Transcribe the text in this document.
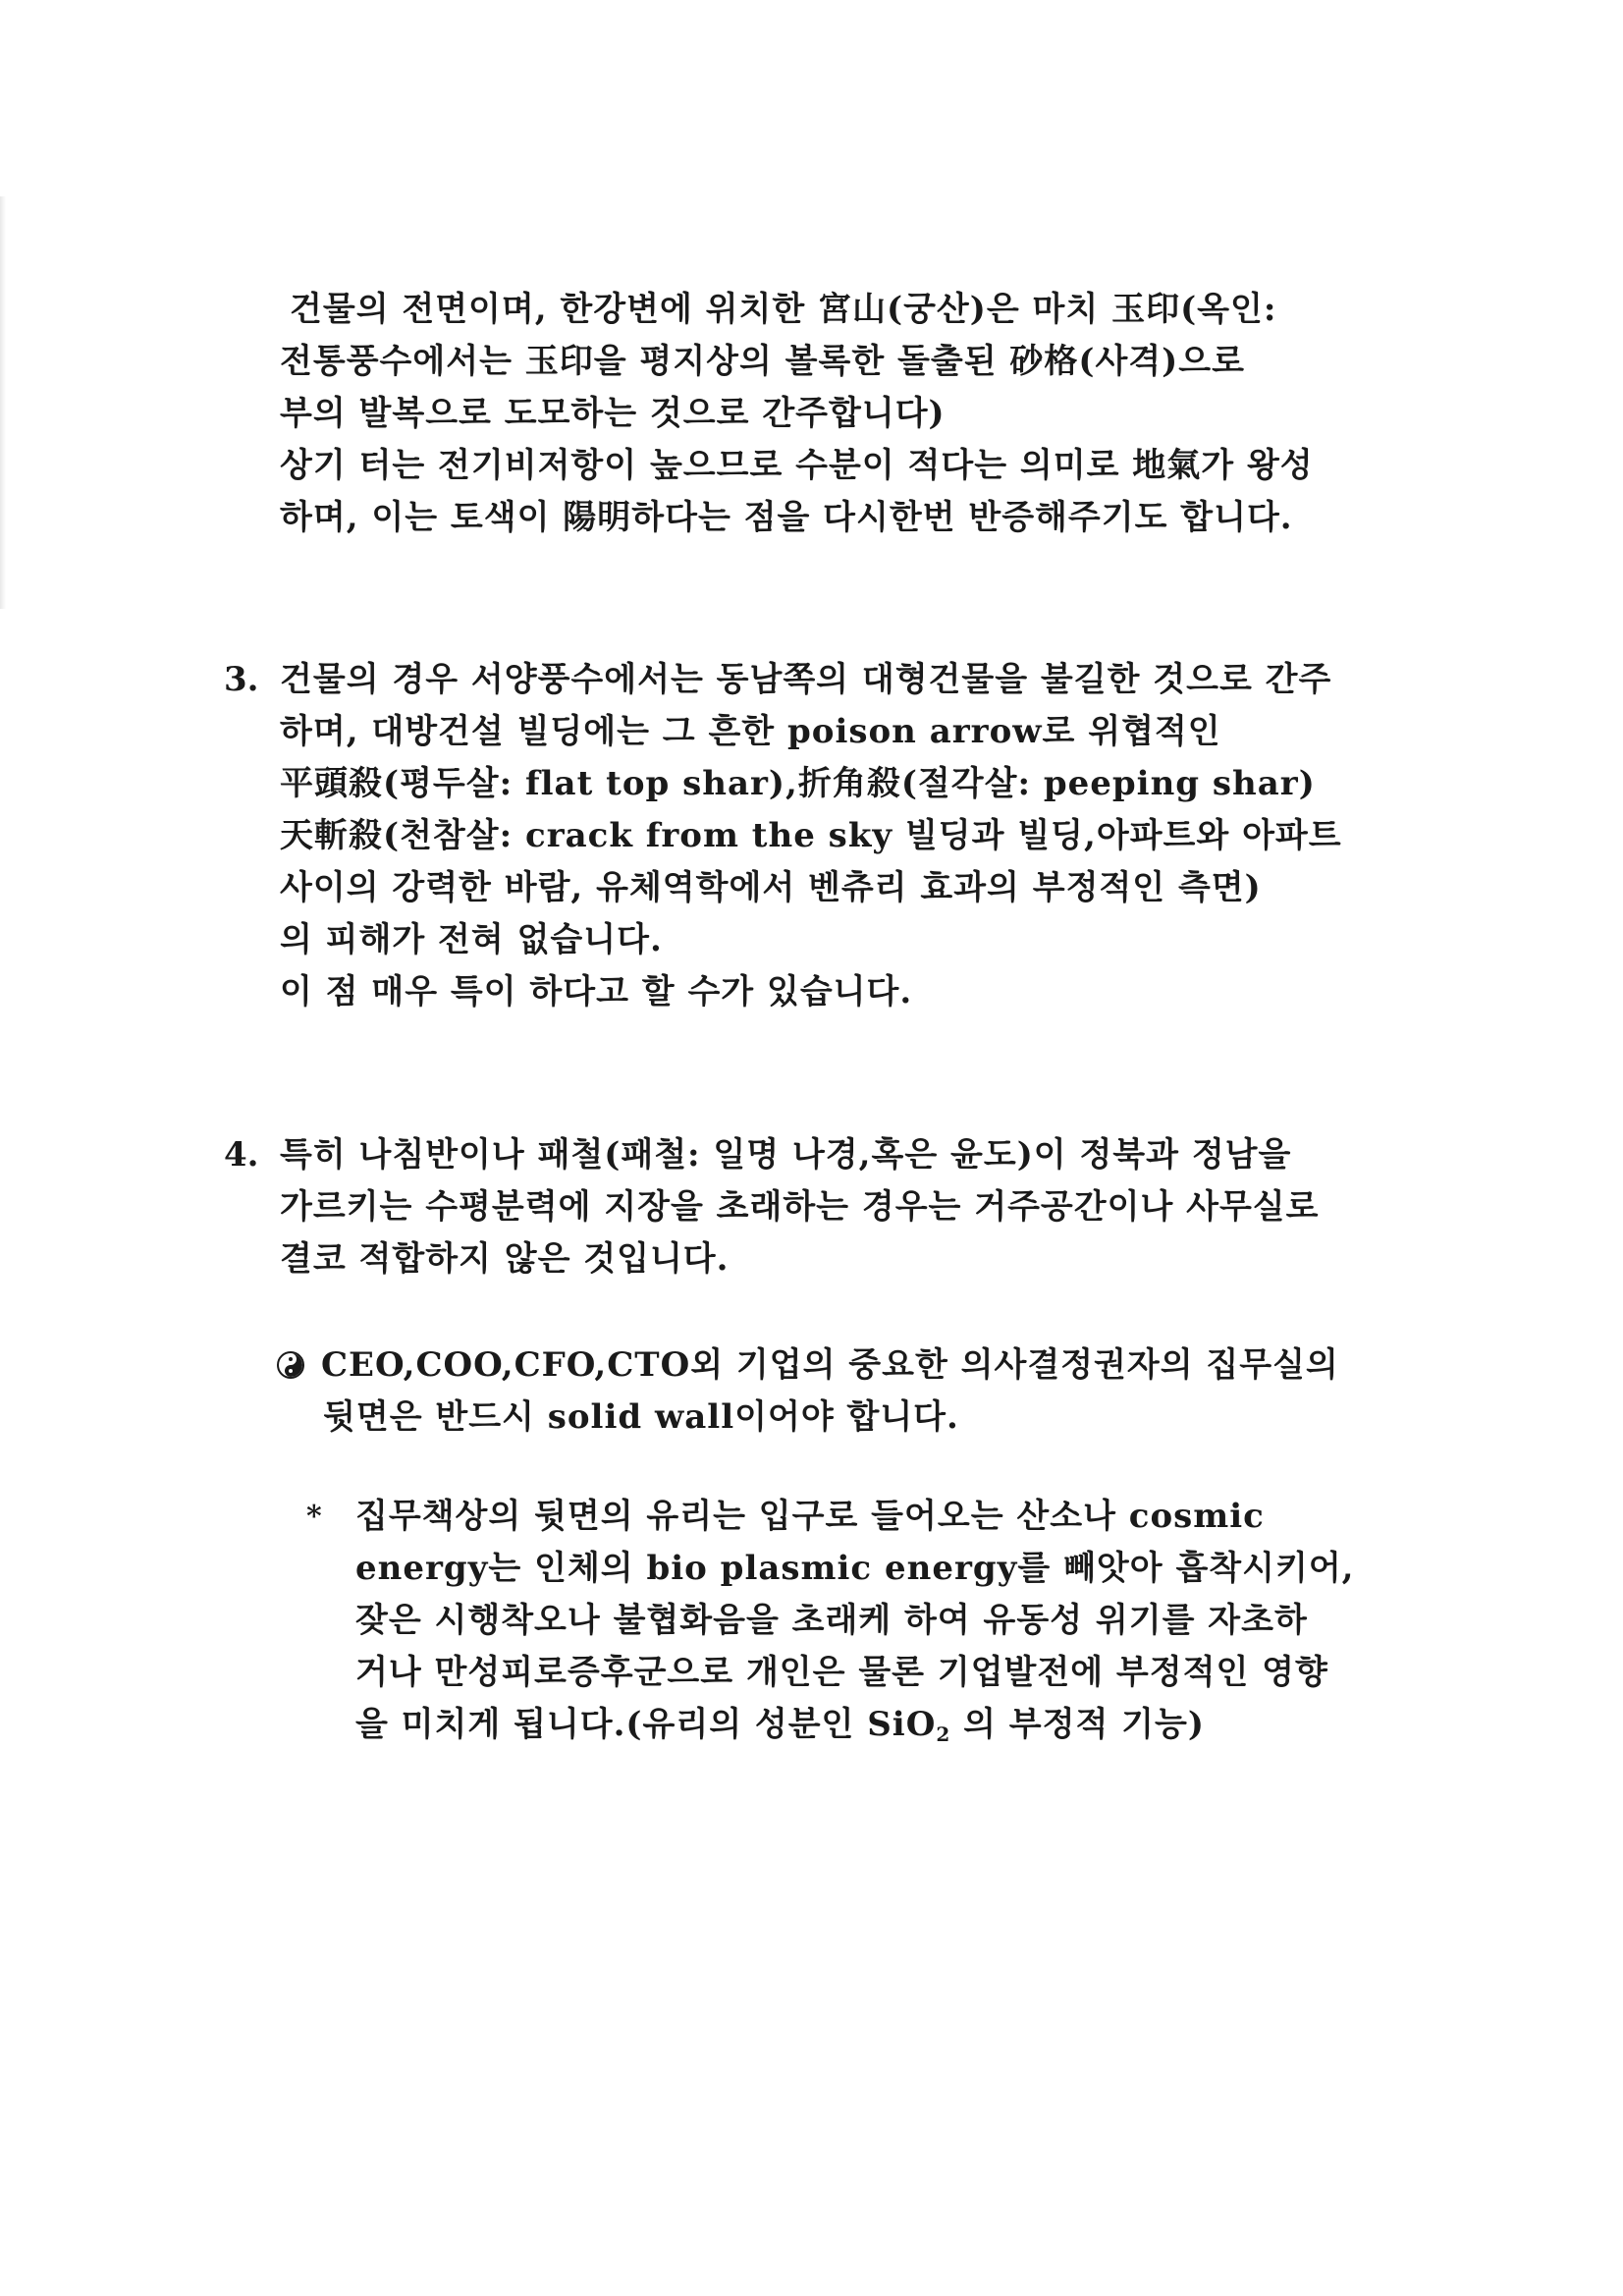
건물의 전면이며, 한강변에 위치한 宮山(궁산)은 마치 玉印(옥인:
전통풍수에서는 玉印을 평지상의 볼록한 돌출된 砂格(사격)으로
부의 발복으로 도모하는 것으로 간주합니다)
상기 터는 전기비저항이 높으므로 수분이 적다는 의미로 地氣가 왕성
하며, 이는 토색이 陽明하다는 점을 다시한번 반증해주기도 합니다.
3. 건물의 경우 서양풍수에서는 동남쪽의 대형건물을 불길한 것으로 간주
하며, 대방건설 빌딩에는 그 흔한 poison arrow로 위협적인
平頭殺(평두살: flat top shar),折角殺(절각살: peeping shar)
天斬殺(천참살: crack from the sky 빌딩과 빌딩,아파트와 아파트
사이의 강력한 바람, 유체역학에서 벤츄리 효과의 부정적인 측면)
의 피해가 전혀 없습니다.
이 점 매우 특이 하다고 할 수가 있습니다.
4. 특히 나침반이나 패철(패철: 일명 나경,혹은 윤도)이 정북과 정남을
가르키는 수평분력에 지장을 초래하는 경우는 거주공간이나 사무실로
결코 적합하지 않은 것입니다.
CEO,COO,CFO,CTO외 기업의 중요한 의사결정권자의 집무실의
뒷면은 반드시 solid wall이어야 합니다.
* 집무책상의 뒷면의 유리는 입구로 들어오는 산소나 cosmic
energy는 인체의 bio plasmic energy를 빼앗아 흡착시키어,
잦은 시행착오나 불협화음을 초래케 하여 유동성 위기를 자초하
거나 만성피로증후군으로 개인은 물론 기업발전에 부정적인 영향
을 미치게 됩니다.(유리의 성분인 SiO$_2$ 의 부정적 기능)
